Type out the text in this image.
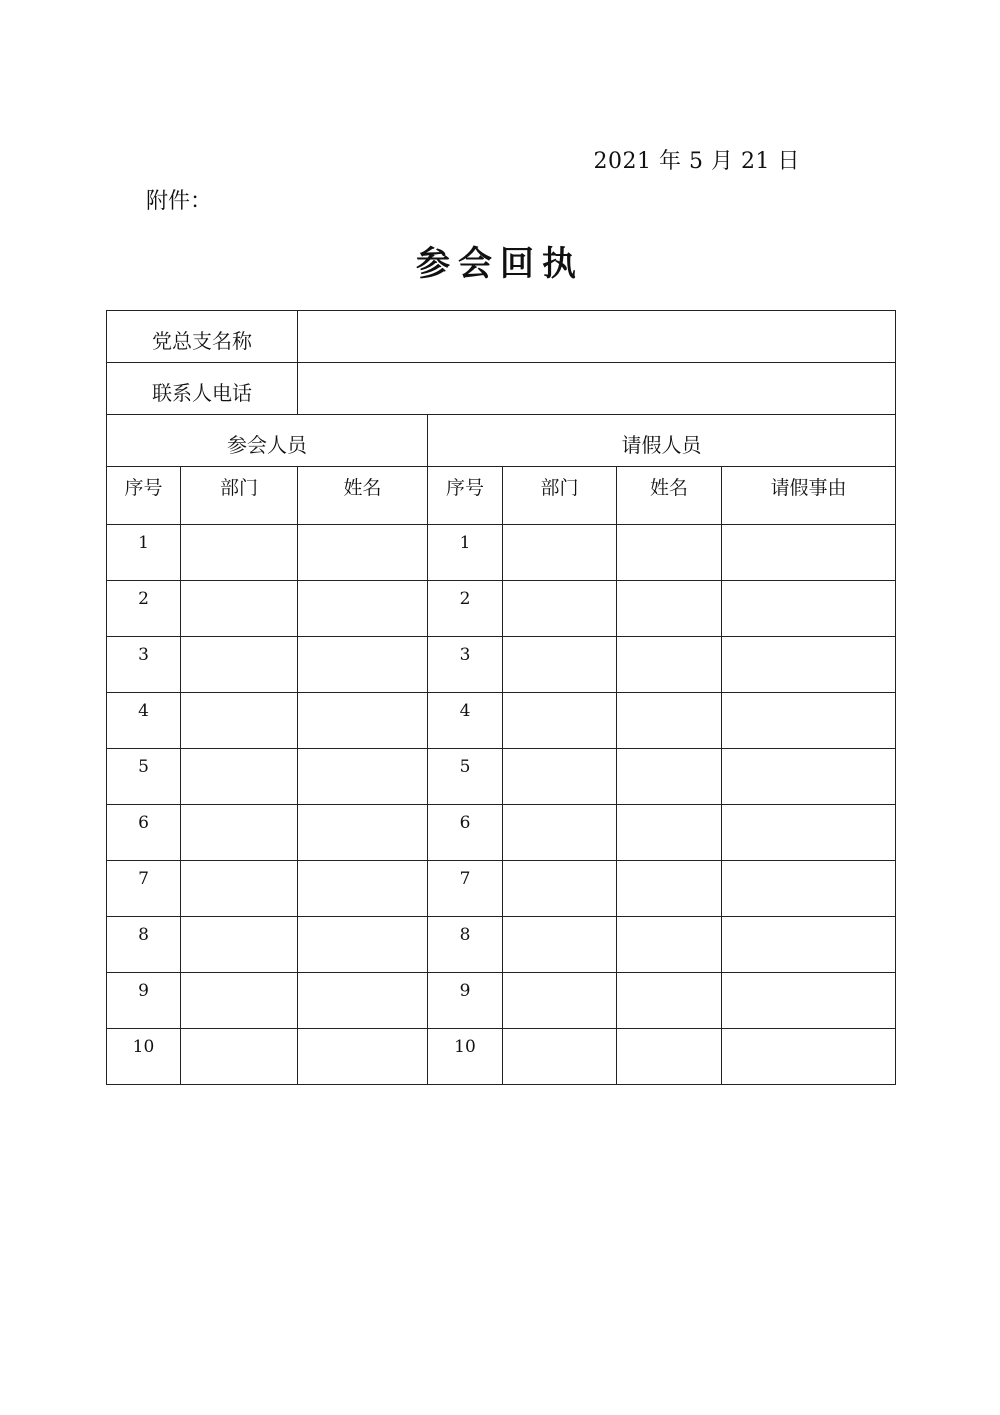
2021 年 5 月 21 日
附件：
参会回执
党总支名称						
联系人电话						
参会人员			请假人员			
序号	部门	姓名	序号	部门	姓名	请假事由
1			1			
2			2			
3			3			
4			4			
5			5			
6			6			
7			7			
8			8			
9			9			
10			10			
